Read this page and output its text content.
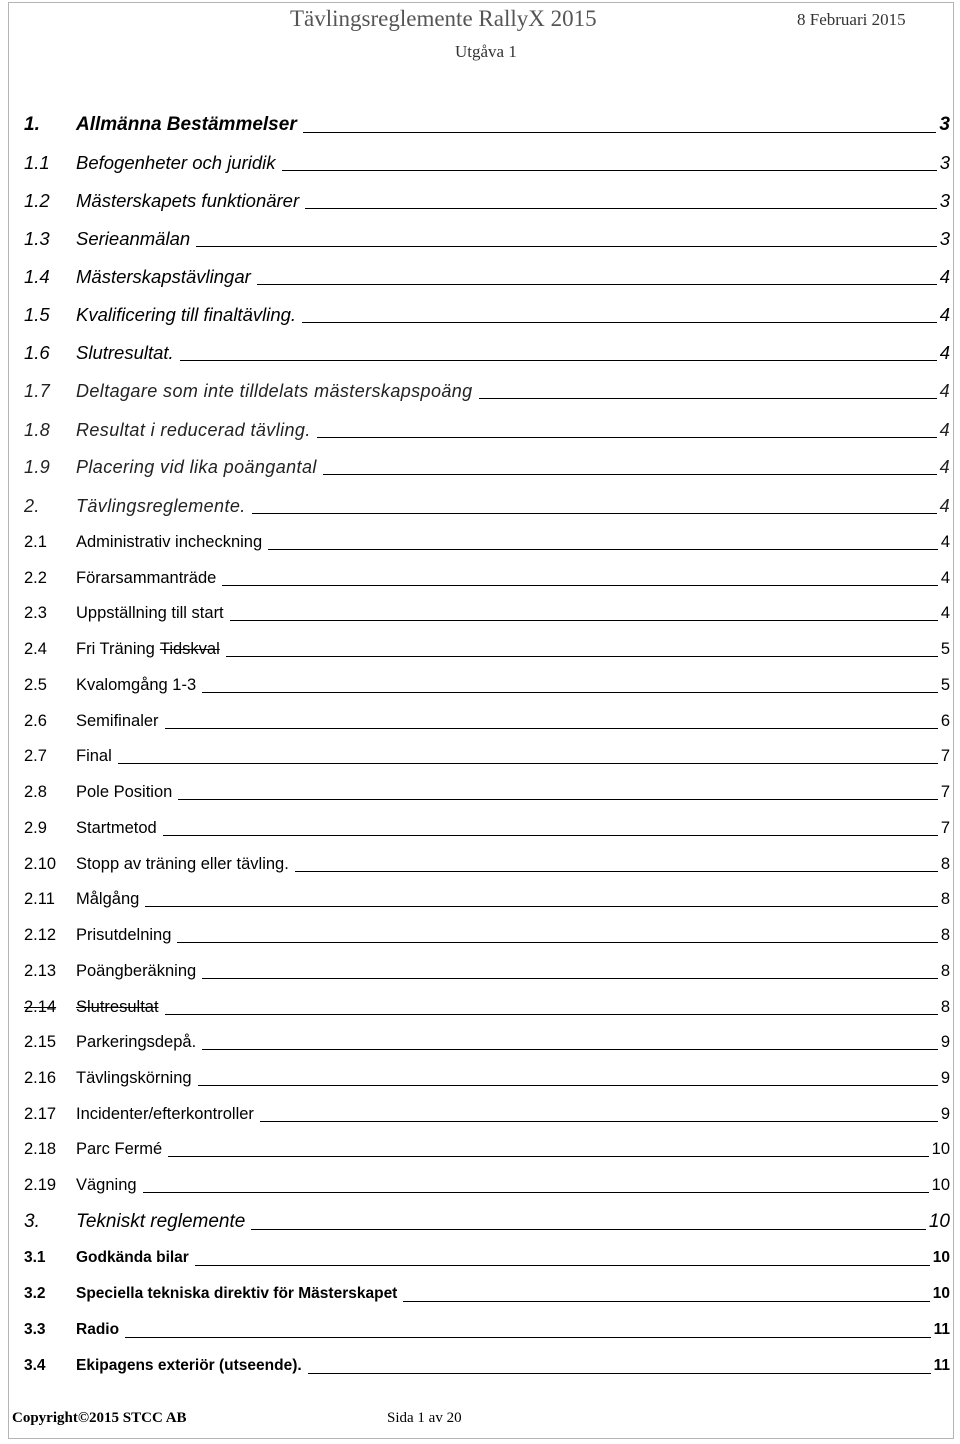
Tävlingsreglemente RallyX 2015	8 Februari 2015
Utgåva 1
1.	Allmänna Bestämmelser	3
1.1	Befogenheter och juridik	3
1.2	Mästerskapets funktionärer	3
1.3	Serieanmälan	3
1.4	Mästerskapstävlingar	4
1.5	Kvalificering till finaltävling.	4
1.6	Slutresultat.	4
1.7	Deltagare som inte tilldelats mästerskapspoäng	4
1.8	Resultat i reducerad tävling.	4
1.9	Placering vid lika poängantal	4
2.	Tävlingsreglemente.	4
2.1	Administrativ incheckning	4
2.2	Förarsammanträde	4
2.3	Uppställning till start	4
2.4	Fri Träning Tidskval	5
2.5	Kvalomgång 1-3	5
2.6	Semifinaler	6
2.7	Final	7
2.8	Pole Position	7
2.9	Startmetod	7
2.10	Stopp av träning eller tävling.	8
2.11	Målgång	8
2.12	Prisutdelning	8
2.13	Poängberäkning	8
2.14	Slutresultat	8
2.15	Parkeringsdepå.	9
2.16	Tävlingskörning	9
2.17	Incidenter/efterkontroller	9
2.18	Parc Fermé	10
2.19	Vägning	10
3.	Tekniskt reglemente	10
3.1	Godkända bilar	10
3.2	Speciella tekniska direktiv för Mästerskapet	10
3.3	Radio	11
3.4	Ekipagens exteriör (utseende).	11
Copyright©2015 STCC AB	Sida 1 av 20
